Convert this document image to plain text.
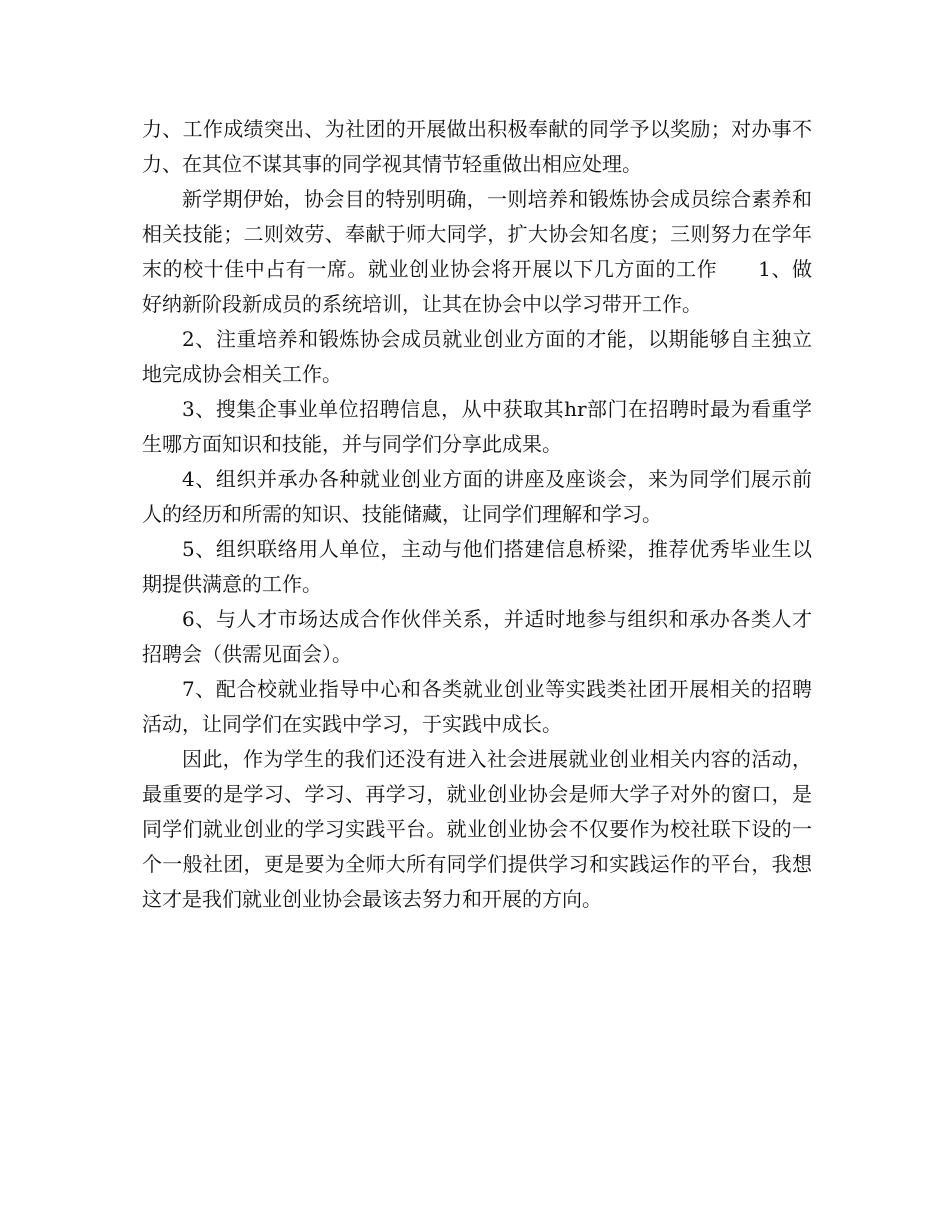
力、工作成绩突出、为社团的开展做出积极奉献的同学予以奖励；对办事不力、在其位不谋其事的同学视其情节轻重做出相应处理。

新学期伊始，协会目的特别明确，一则培养和锻炼协会成员综合素养和相关技能；二则效劳、奉献于师大同学，扩大协会知名度；三则努力在学年末的校十佳中占有一席。就业创业协会将开展以下几方面的工作　　1、做好纳新阶段新成员的系统培训，让其在协会中以学习带开工作。

2、注重培养和锻炼协会成员就业创业方面的才能，以期能够自主独立地完成协会相关工作。

3、搜集企事业单位招聘信息，从中获取其hr部门在招聘时最为看重学生哪方面知识和技能，并与同学们分享此成果。

4、组织并承办各种就业创业方面的讲座及座谈会，来为同学们展示前人的经历和所需的知识、技能储藏，让同学们理解和学习。

5、组织联络用人单位，主动与他们搭建信息桥梁，推荐优秀毕业生以期提供满意的工作。

6、与人才市场达成合作伙伴关系，并适时地参与组织和承办各类人才招聘会（供需见面会）。

7、配合校就业指导中心和各类就业创业等实践类社团开展相关的招聘活动，让同学们在实践中学习，于实践中成长。

因此，作为学生的我们还没有进入社会进展就业创业相关内容的活动，最重要的是学习、学习、再学习，就业创业协会是师大学子对外的窗口，是同学们就业创业的学习实践平台。就业创业协会不仅要作为校社联下设的一个一般社团，更是要为全师大所有同学们提供学习和实践运作的平台，我想这才是我们就业创业协会最该去努力和开展的方向。
